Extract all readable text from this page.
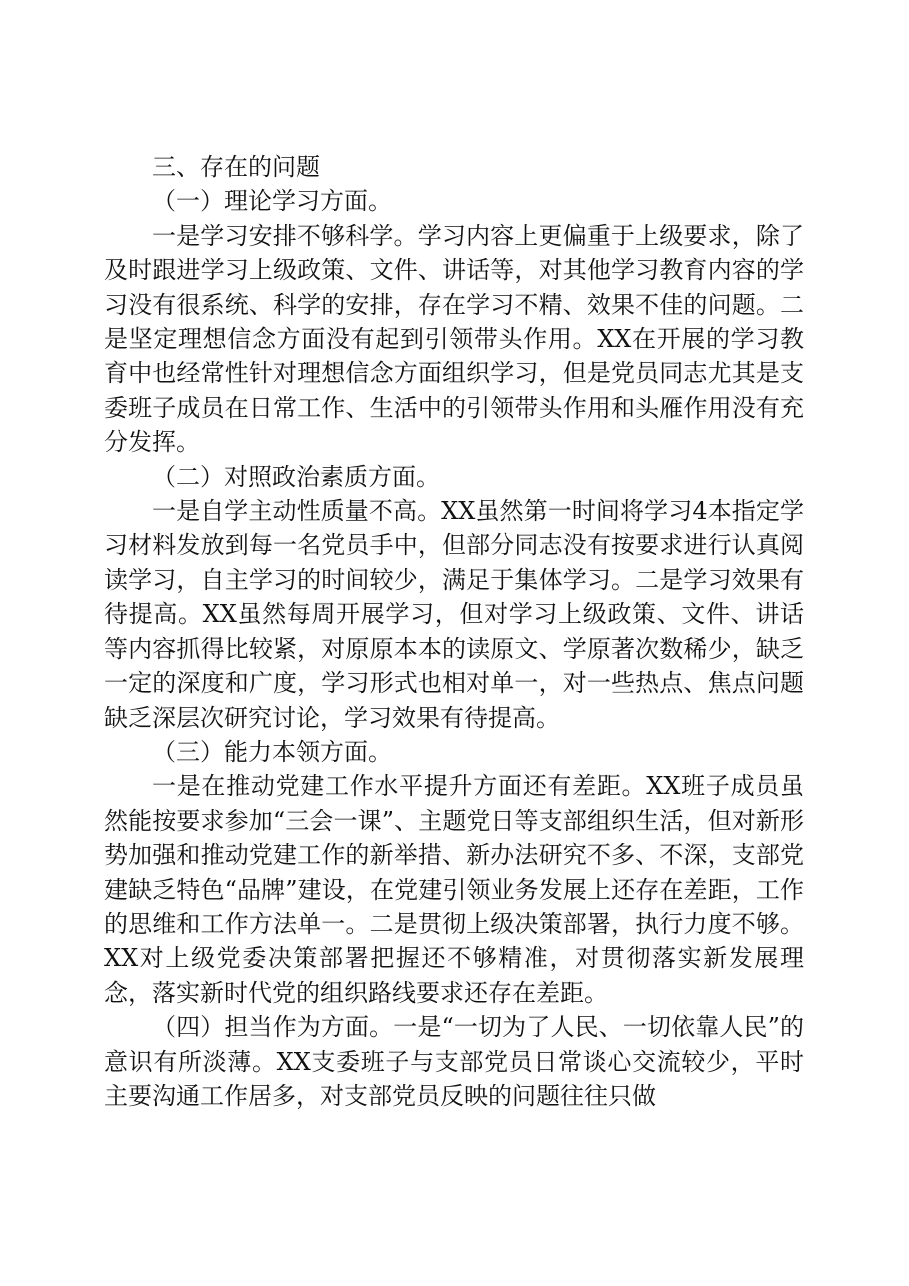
三、存在的问题

（一）理论学习方面。

一是学习安排不够科学。学习内容上更偏重于上级要求，除了及时跟进学习上级政策、文件、讲话等，对其他学习教育内容的学习没有很系统、科学的安排，存在学习不精、效果不佳的问题。二是坚定理想信念方面没有起到引领带头作用。XX在开展的学习教育中也经常性针对理想信念方面组织学习，但是党员同志尤其是支委班子成员在日常工作、生活中的引领带头作用和头雁作用没有充分发挥。

（二）对照政治素质方面。

一是自学主动性质量不高。XX虽然第一时间将学习4本指定学习材料发放到每一名党员手中，但部分同志没有按要求进行认真阅读学习，自主学习的时间较少，满足于集体学习。二是学习效果有待提高。XX虽然每周开展学习，但对学习上级政策、文件、讲话等内容抓得比较紧，对原原本本的读原文、学原著次数稀少，缺乏一定的深度和广度，学习形式也相对单一，对一些热点、焦点问题缺乏深层次研究讨论，学习效果有待提高。

（三）能力本领方面。

一是在推动党建工作水平提升方面还有差距。XX班子成员虽然能按要求参加“三会一课”、主题党日等支部组织生活，但对新形势加强和推动党建工作的新举措、新办法研究不多、不深，支部党建缺乏特色“品牌”建设，在党建引领业务发展上还存在差距，工作的思维和工作方法单一。二是贯彻上级决策部署，执行力度不够。XX对上级党委决策部署把握还不够精准，对贯彻落实新发展理念，落实新时代党的组织路线要求还存在差距。

（四）担当作为方面。一是“一切为了人民、一切依靠人民”的意识有所淡薄。XX支委班子与支部党员日常谈心交流较少，平时主要沟通工作居多，对支部党员反映的问题往往只做
